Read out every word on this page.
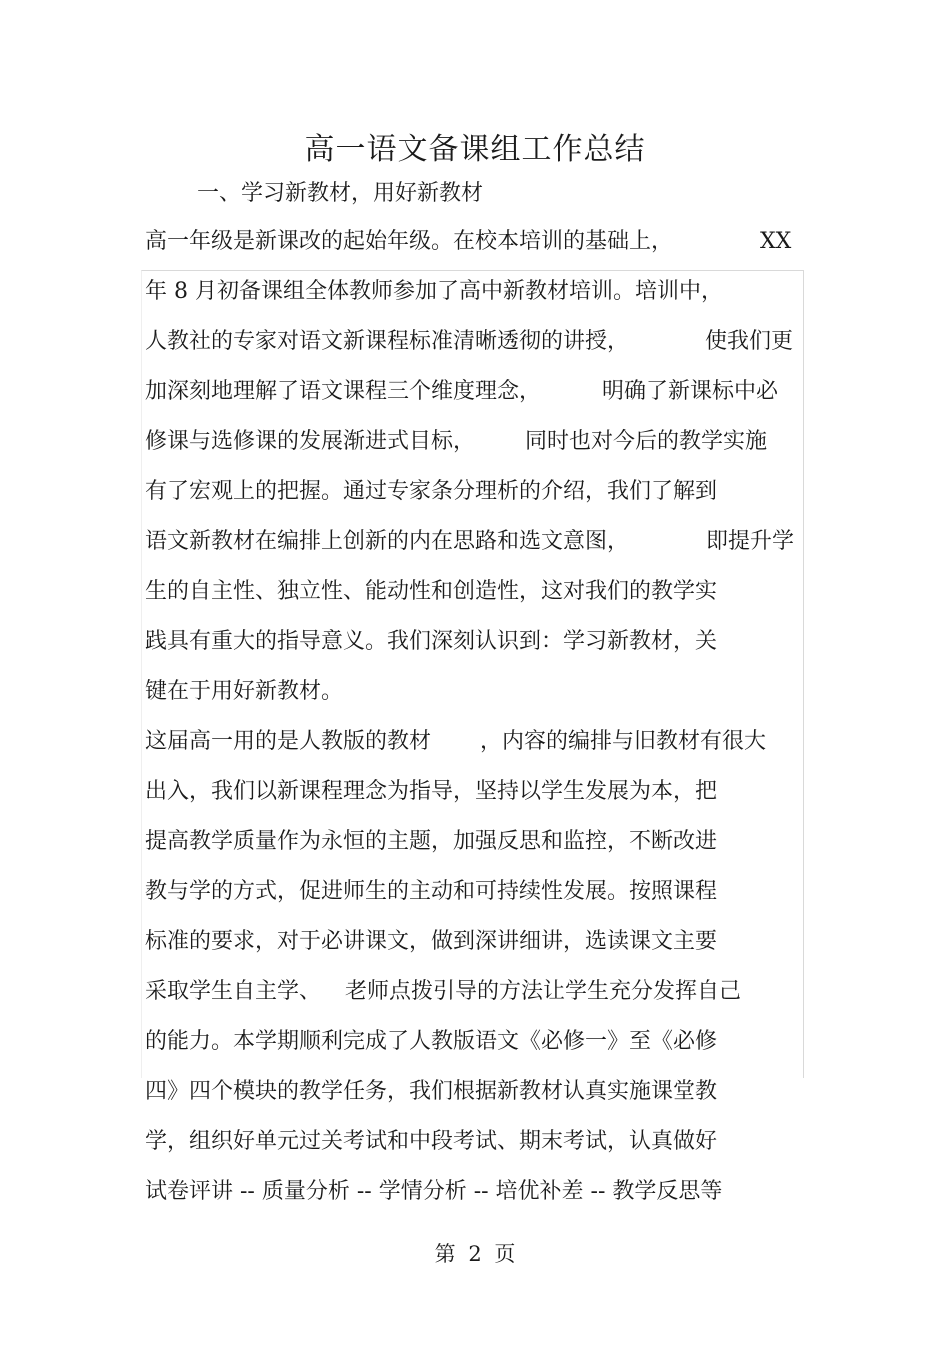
高一语文备课组工作总结
一、学习新教材，用好新教材
高一年级是新课改的起始年级。在校本培训的基础上，	XX
年 8 月初备课组全体教师参加了高中新教材培训。培训中，
人教社的专家对语文新课程标准清晰透彻的讲授，	使我们更
加深刻地理解了语文课程三个维度理念，	明确了新课标中必
修课与选修课的发展渐进式目标， 同时也对今后的教学实施
有了宏观上的把握。通过专家条分理析的介绍，我们了解到
语文新教材在编排上创新的内在思路和选文意图，	即提升学
生的自主性、独立性、能动性和创造性，这对我们的教学实
践具有重大的指导意义。我们深刻认识到：学习新教材，关
键在于用好新教材。
这届高一用的是人教版的教材 ，内容的编排与旧教材有很大
出入，我们以新课程理念为指导，坚持以学生发展为本，把
提高教学质量作为永恒的主题，加强反思和监控，不断改进
教与学的方式，促进师生的主动和可持续性发展。按照课程
标准的要求，对于必讲课文，做到深讲细讲，选读课文主要
采取学生自主学、 老师点拨引导的方法让学生充分发挥自己
的能力。本学期顺利完成了人教版语文《必修一》至《必修
四》四个模块的教学任务，我们根据新教材认真实施课堂教
学，组织好单元过关考试和中段考试、期末考试，认真做好
试卷评讲 -- 质量分析 -- 学情分析 -- 培优补差 -- 教学反思等
第 2 页
